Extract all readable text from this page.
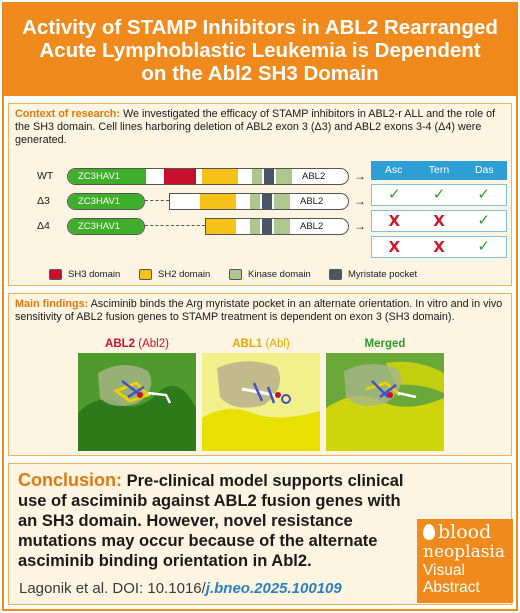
Activity of STAMP Inhibitors in ABL2 Rearranged
Acute Lymphoblastic Leukemia is Dependent
on the Abl2 SH3 Domain
Context of research: We investigated the efficacy of STAMP inhibitors in ABL2-r ALL and the role of the SH3 domain. Cell lines harboring deletion of ABL2 exon 3 (Δ3) and ABL2 exons 3-4 (Δ4) were generated.
WT	ZC3HAV1	ABL2 →
Δ3	ZC3HAV1	ABL2	→
Δ4	ZC3HAV1	ABL2	→
Asc	Tern	Das
✓	✓	✓
X	X	✓
X	X	✓
SH3 domain	SH2 domain	Kinase domain	Myristate pocket
Main findings: Asciminib binds the Arg myristate pocket in an alternate orientation. In vitro and in vivo sensitivity of ABL2 fusion genes to STAMP treatment is dependent on exon 3 (SH3 domain).
ABL2 (Abl2)	ABL1 (Abl)	Merged
Conclusion: Pre-clinical model supports clinical use of asciminib against ABL2 fusion genes with an SH3 domain. However, novel resistance mutations may occur because of the alternate asciminib binding orientation in Abl2.
Lagonik et al. DOI: 10.1016/j.bneo.2025.100109
blood
neoplasia
Visual
Abstract
